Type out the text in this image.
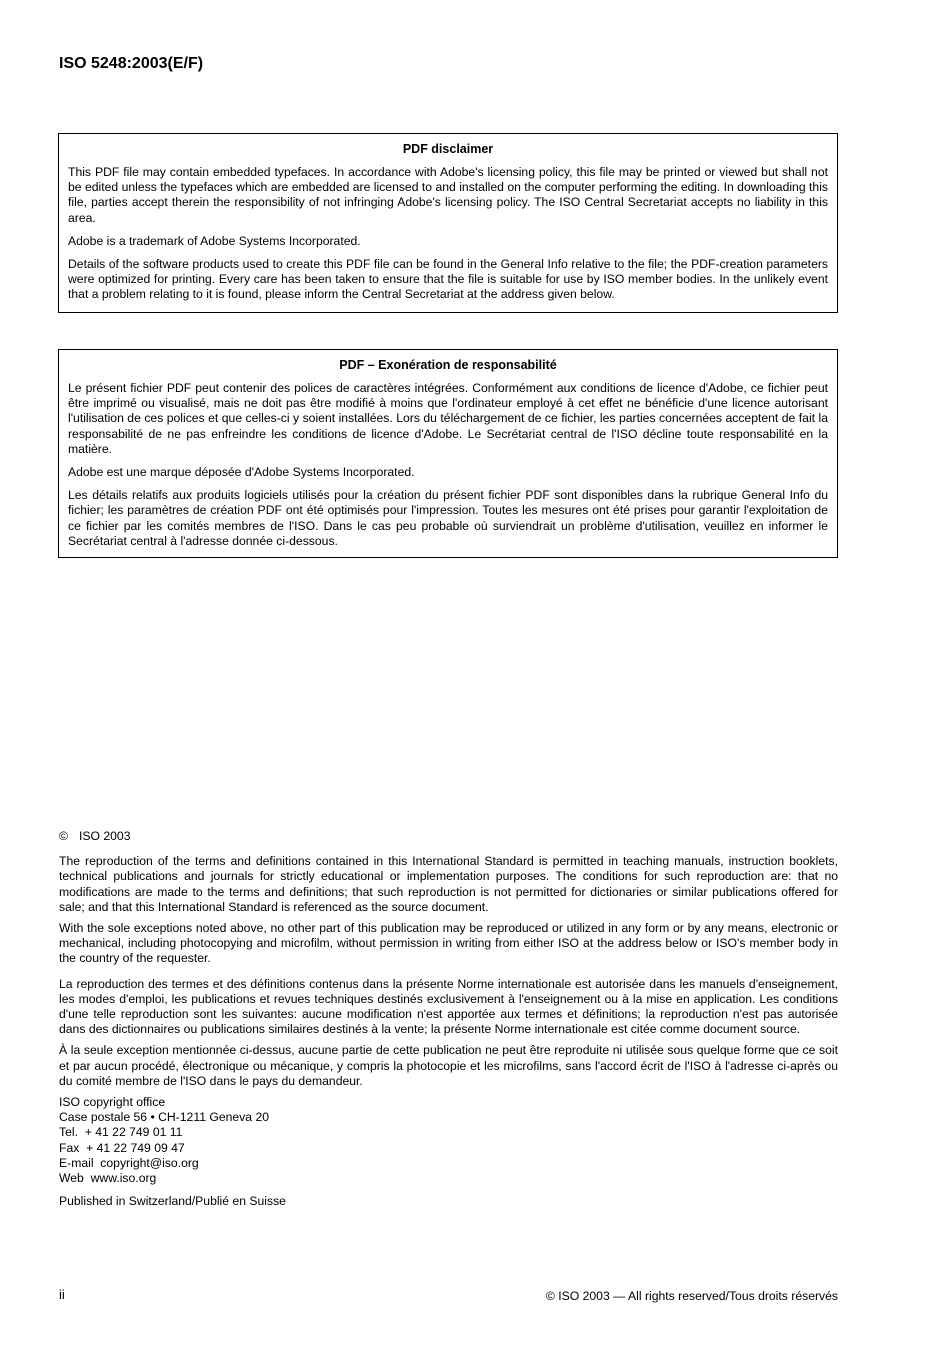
ISO 5248:2003(E/F)
PDF disclaimer

This PDF file may contain embedded typefaces. In accordance with Adobe's licensing policy, this file may be printed or viewed but shall not be edited unless the typefaces which are embedded are licensed to and installed on the computer performing the editing. In downloading this file, parties accept therein the responsibility of not infringing Adobe's licensing policy. The ISO Central Secretariat accepts no liability in this area.

Adobe is a trademark of Adobe Systems Incorporated.

Details of the software products used to create this PDF file can be found in the General Info relative to the file; the PDF-creation parameters were optimized for printing. Every care has been taken to ensure that the file is suitable for use by ISO member bodies. In the unlikely event that a problem relating to it is found, please inform the Central Secretariat at the address given below.

PDF – Exonération de responsabilité

Le présent fichier PDF peut contenir des polices de caractères intégrées. Conformément aux conditions de licence d'Adobe, ce fichier peut être imprimé ou visualisé, mais ne doit pas être modifié à moins que l'ordinateur employé à cet effet ne bénéficie d'une licence autorisant l'utilisation de ces polices et que celles-ci y soient installées. Lors du téléchargement de ce fichier, les parties concernées acceptent de fait la responsabilité de ne pas enfreindre les conditions de licence d'Adobe. Le Secrétariat central de l'ISO décline toute responsabilité en la matière.

Adobe est une marque déposée d'Adobe Systems Incorporated.

Les détails relatifs aux produits logiciels utilisés pour la création du présent fichier PDF sont disponibles dans la rubrique General Info du fichier; les paramètres de création PDF ont été optimisés pour l'impression. Toutes les mesures ont été prises pour garantir l'exploitation de ce fichier par les comités membres de l'ISO. Dans le cas peu probable où surviendrait un problème d'utilisation, veuillez en informer le Secrétariat central à l'adresse donnée ci-dessous.

© ISO 2003

The reproduction of the terms and definitions contained in this International Standard is permitted in teaching manuals, instruction booklets, technical publications and journals for strictly educational or implementation purposes. The conditions for such reproduction are: that no modifications are made to the terms and definitions; that such reproduction is not permitted for dictionaries or similar publications offered for sale; and that this International Standard is referenced as the source document.

With the sole exceptions noted above, no other part of this publication may be reproduced or utilized in any form or by any means, electronic or mechanical, including photocopying and microfilm, without permission in writing from either ISO at the address below or ISO's member body in the country of the requester.

La reproduction des termes et des définitions contenus dans la présente Norme internationale est autorisée dans les manuels d'enseignement, les modes d'emploi, les publications et revues techniques destinés exclusivement à l'enseignement ou à la mise en application. Les conditions d'une telle reproduction sont les suivantes: aucune modification n'est apportée aux termes et définitions; la reproduction n'est pas autorisée dans des dictionnaires ou publications similaires destinés à la vente; la présente Norme internationale est citée comme document source.

À la seule exception mentionnée ci-dessus, aucune partie de cette publication ne peut être reproduite ni utilisée sous quelque forme que ce soit et par aucun procédé, électronique ou mécanique, y compris la photocopie et les microfilms, sans l'accord écrit de l'ISO à l'adresse ci-après ou du comité membre de l'ISO dans le pays du demandeur.

ISO copyright office
Case postale 56 • CH-1211 Geneva 20
Tel.  + 41 22 749 01 11
Fax  + 41 22 749 09 47
E-mail  copyright@iso.org
Web  www.iso.org

Published in Switzerland/Publié en Suisse

ii	© ISO 2003 — All rights reserved/Tous droits réservés
